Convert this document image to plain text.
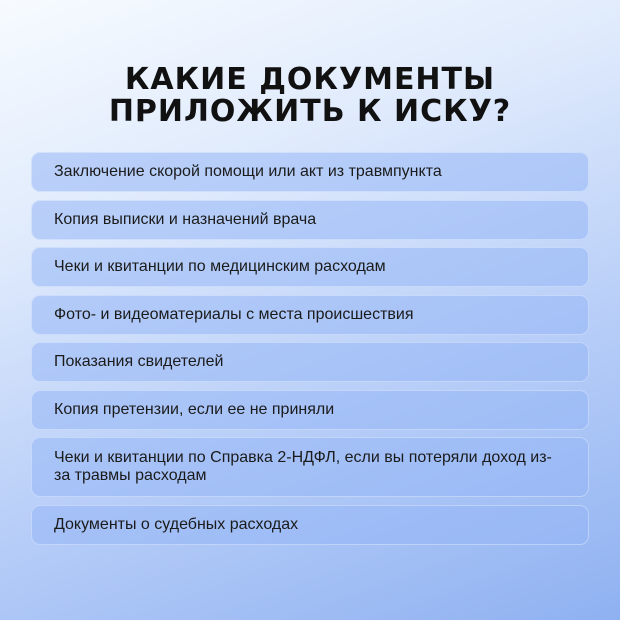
КАКИЕ ДОКУМЕНТЫ
ПРИЛОЖИТЬ К ИСКУ?
Заключение скорой помощи или акт из травмпункта
Копия выписки и назначений врача
Чеки и квитанции по медицинским расходам
Фото- и видеоматериалы с места происшествия
Показания свидетелей
Копия претензии, если ее не приняли
Чеки и квитанции по Справка 2-НДФЛ, если вы потеряли доход из-за травмы расходам
Документы о судебных расходах
